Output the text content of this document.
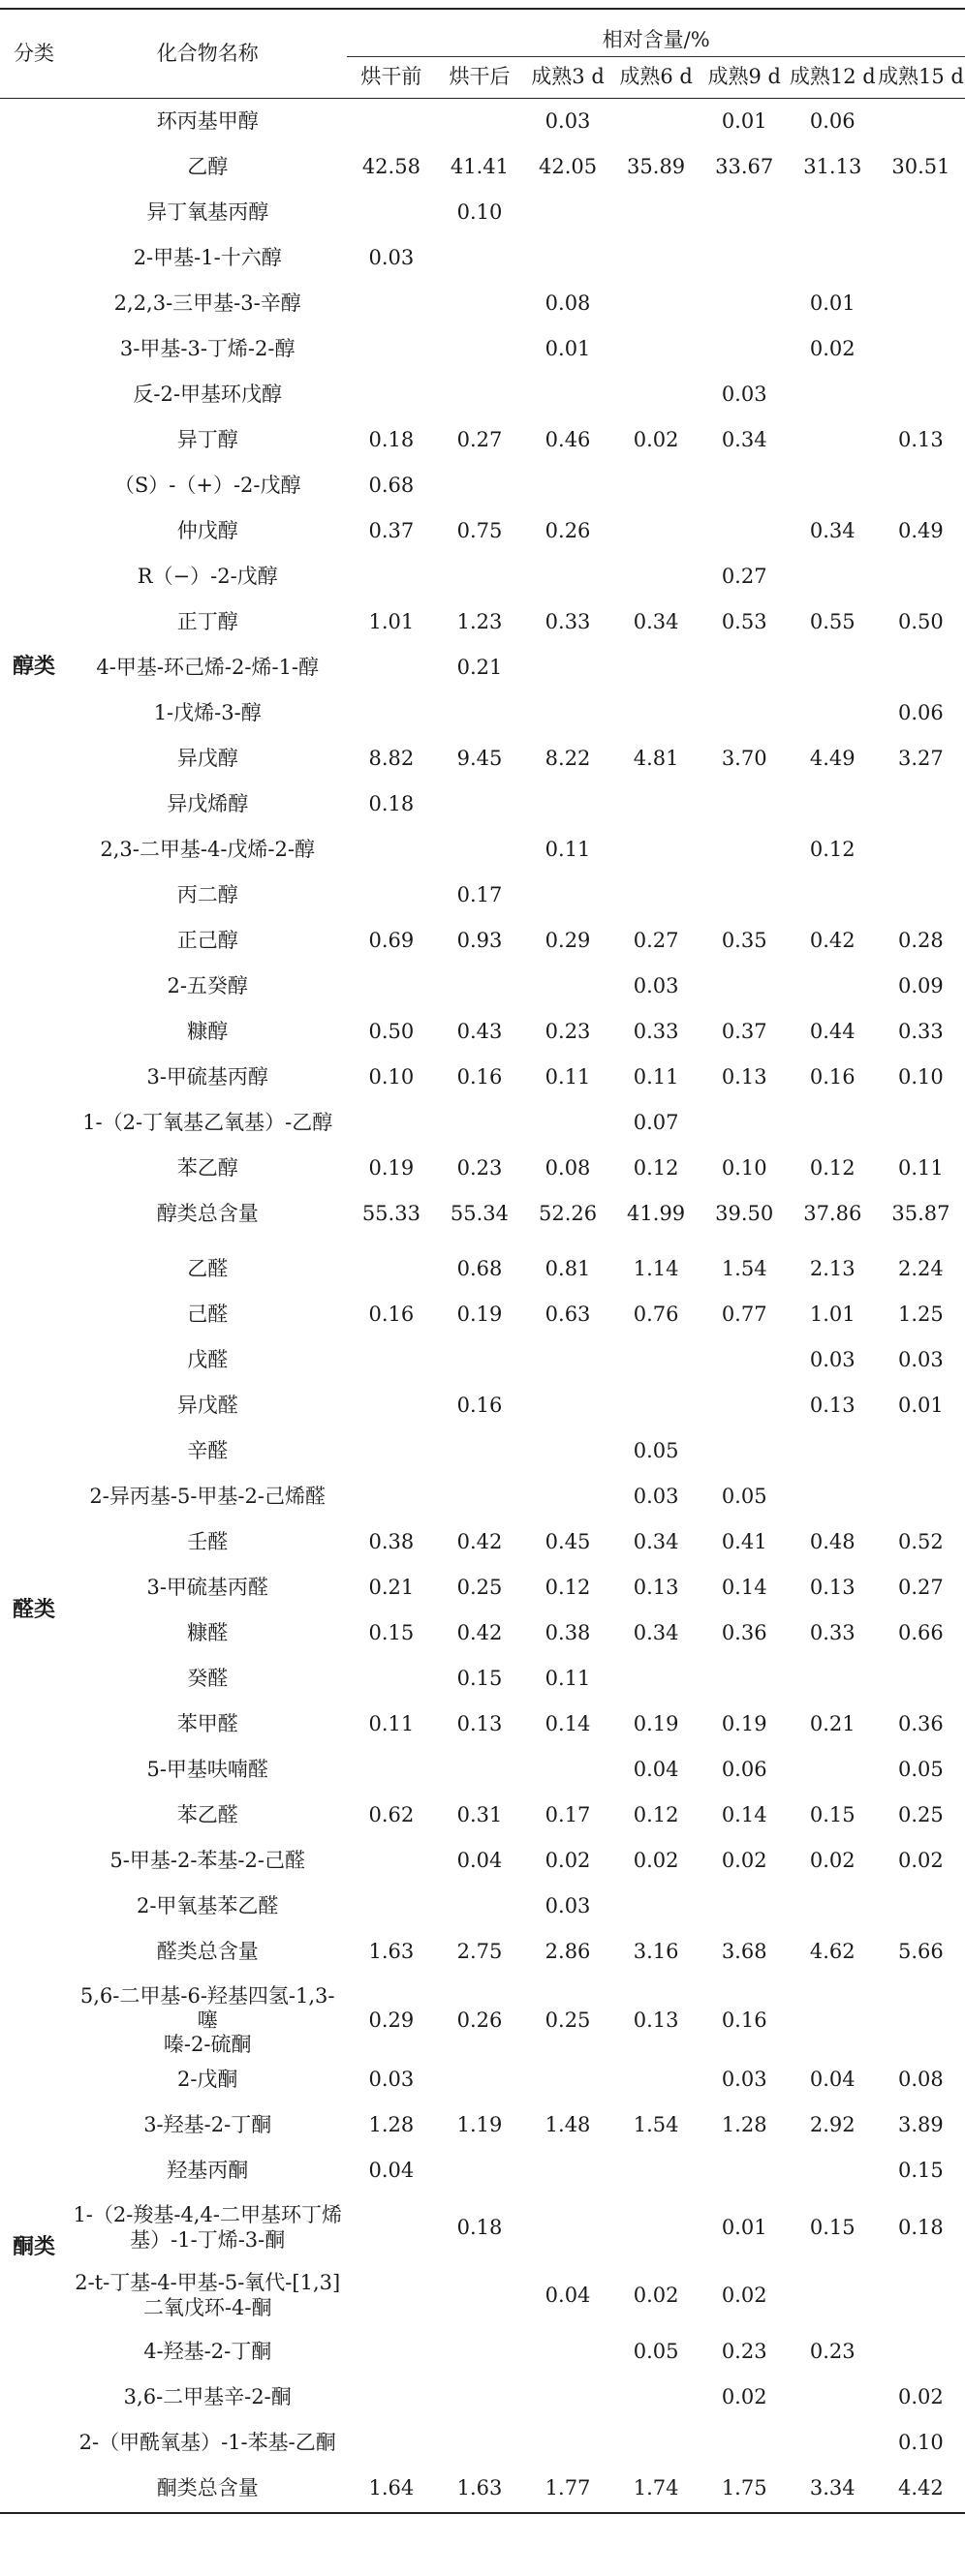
分类	化合物名称	相对含量/%						
		烘干前	烘干后	成熟3 d	成熟6 d	成熟9 d	成熟12 d	成熟15 d
醇类	环丙基甲醇			0.03		0.01	0.06	
	乙醇	42.58	41.41	42.05	35.89	33.67	31.13	30.51
	异丁氧基丙醇		0.10					
	2-甲基-1-十六醇	0.03						
	2,2,3-三甲基-3-辛醇			0.08			0.01	
	3-甲基-3-丁烯-2-醇			0.01			0.02	
	反-2-甲基环戊醇					0.03		
	异丁醇	0.18	0.27	0.46	0.02	0.34		0.13
	（S）-（+）-2-戊醇	0.68						
	仲戊醇	0.37	0.75	0.26			0.34	0.49
	R（−）-2-戊醇					0.27		
	正丁醇	1.01	1.23	0.33	0.34	0.53	0.55	0.50
	4-甲基-环己烯-2-烯-1-醇		0.21					
	1-戊烯-3-醇							0.06
	异戊醇	8.82	9.45	8.22	4.81	3.70	4.49	3.27
	异戊烯醇	0.18						
	2,3-二甲基-4-戊烯-2-醇			0.11			0.12	
	丙二醇		0.17					
	正己醇	0.69	0.93	0.29	0.27	0.35	0.42	0.28
	2-五癸醇				0.03			0.09
	糠醇	0.50	0.43	0.23	0.33	0.37	0.44	0.33
	3-甲硫基丙醇	0.10	0.16	0.11	0.11	0.13	0.16	0.10
	1-（2-丁氧基乙氧基）-乙醇				0.07			
	苯乙醇	0.19	0.23	0.08	0.12	0.10	0.12	0.11
	醇类总含量	55.33	55.34	52.26	41.99	39.50	37.86	35.87

醛类	乙醛		0.68	0.81	1.14	1.54	2.13	2.24
	己醛	0.16	0.19	0.63	0.76	0.77	1.01	1.25
	戊醛						0.03	0.03
	异戊醛		0.16				0.13	0.01
	辛醛				0.05			
	2-异丙基-5-甲基-2-己烯醛				0.03	0.05		
	壬醛	0.38	0.42	0.45	0.34	0.41	0.48	0.52
	3-甲硫基丙醛	0.21	0.25	0.12	0.13	0.14	0.13	0.27
	糠醛	0.15	0.42	0.38	0.34	0.36	0.33	0.66
	癸醛		0.15	0.11				
	苯甲醛	0.11	0.13	0.14	0.19	0.19	0.21	0.36
	5-甲基呋喃醛				0.04	0.06		0.05
	苯乙醛	0.62	0.31	0.17	0.12	0.14	0.15	0.25
	5-甲基-2-苯基-2-己醛		0.04	0.02	0.02	0.02	0.02	0.02
	2-甲氧基苯乙醛			0.03				
	醛类总含量	1.63	2.75	2.86	3.16	3.68	4.62	5.66

酮类	5,6-二甲基-6-羟基四氢-1,3-噻
嗪-2-硫酮	0.29	0.26	0.25	0.13	0.16		
	2-戊酮	0.03				0.03	0.04	0.08
	3-羟基-2-丁酮	1.28	1.19	1.48	1.54	1.28	2.92	3.89
	羟基丙酮	0.04						0.15

	1-（2-羧基-4,4-二甲基环丁烯
基）-1-丁烯-3-酮		0.18			0.01	0.15	0.18

	2-t-丁基-4-甲基-5-氧代-[1,3]
二氧戊环-4-酮			0.04	0.02	0.02		
	4-羟基-2-丁酮				0.05	0.23	0.23	
	3,6-二甲基辛-2-酮					0.02		0.02
	2-（甲酰氧基）-1-苯基-乙酮							0.10
	酮类总含量	1.64	1.63	1.77	1.74	1.75	3.34	4.42
